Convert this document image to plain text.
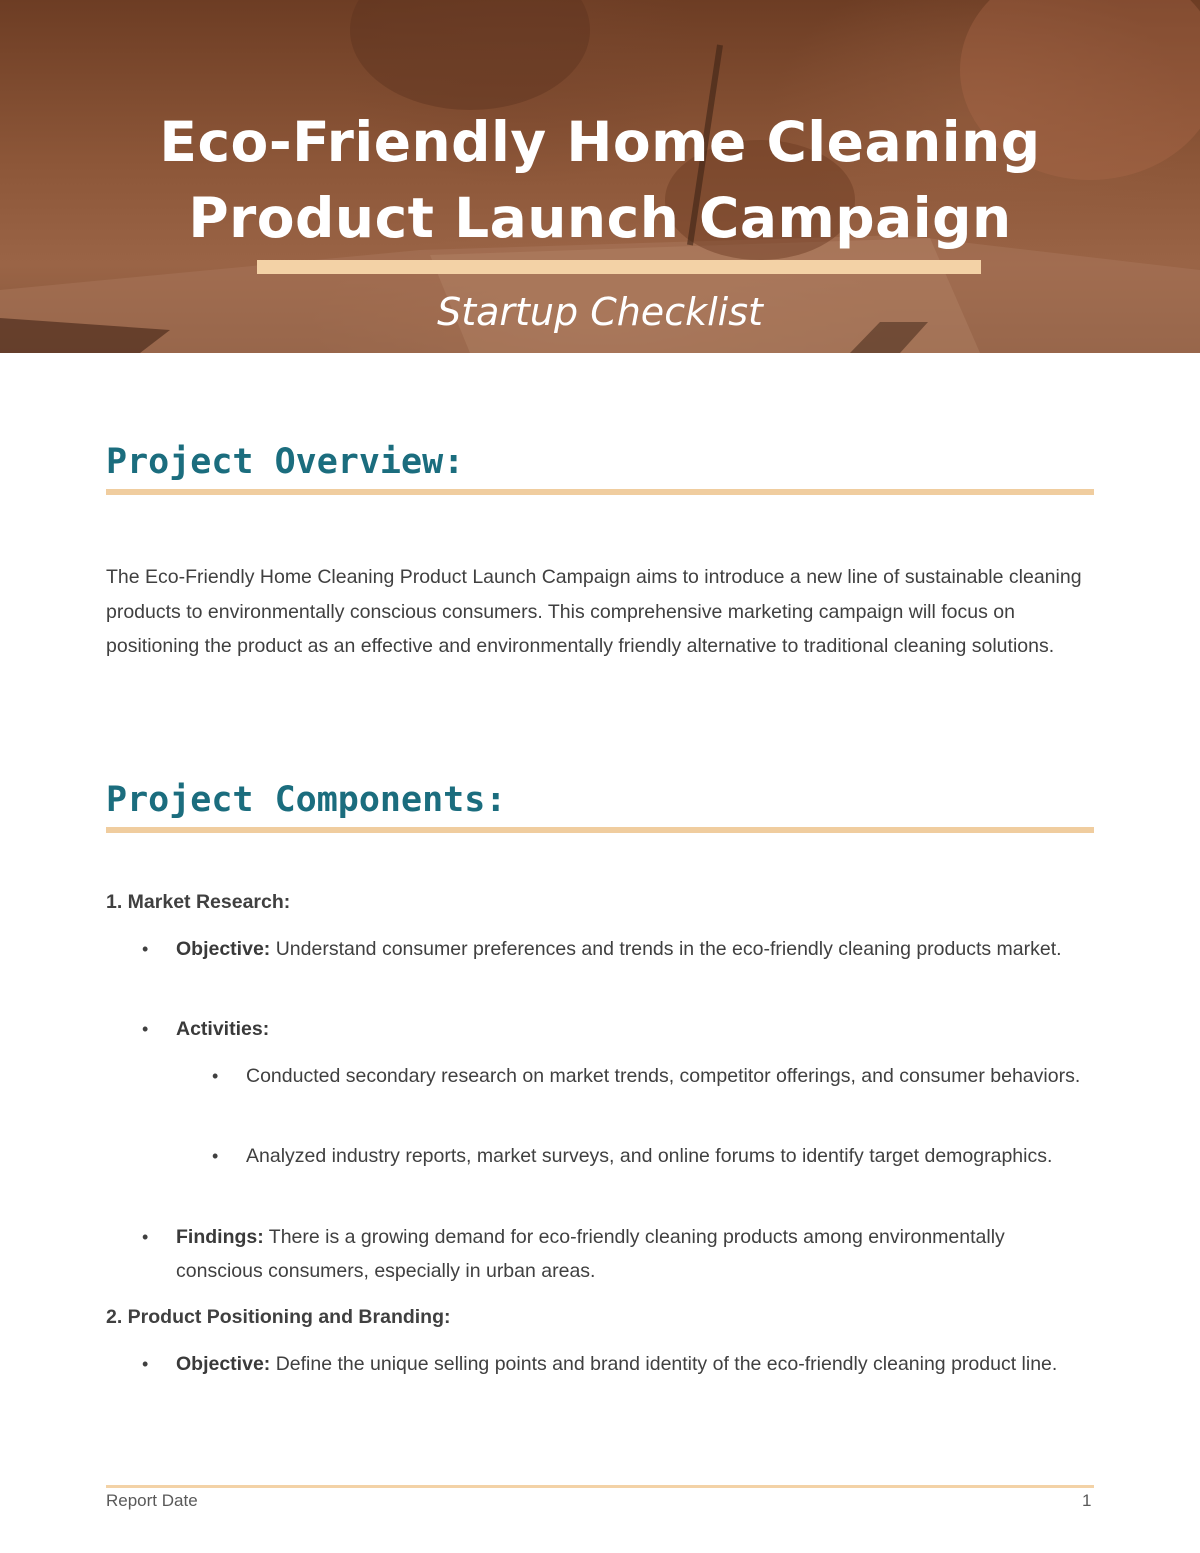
Eco-Friendly Home Cleaning
Product Launch Campaign
Startup Checklist
Project Overview:

The Eco-Friendly Home Cleaning Product Launch Campaign aims to introduce a new line of sustainable cleaning products to environmentally conscious consumers. This comprehensive marketing campaign will focus on positioning the product as an effective and environmentally friendly alternative to traditional cleaning solutions.

Project Components:
1. Market Research:
• Objective: Understand consumer preferences and trends in the eco-friendly cleaning products market.
• Activities:
• Conducted secondary research on market trends, competitor offerings, and consumer behaviors.
• Analyzed industry reports, market surveys, and online forums to identify target demographics.
• Findings: There is a growing demand for eco-friendly cleaning products among environmentally conscious consumers, especially in urban areas.
2. Product Positioning and Branding:
• Objective: Define the unique selling points and brand identity of the eco-friendly cleaning product line.
Report Date	1
